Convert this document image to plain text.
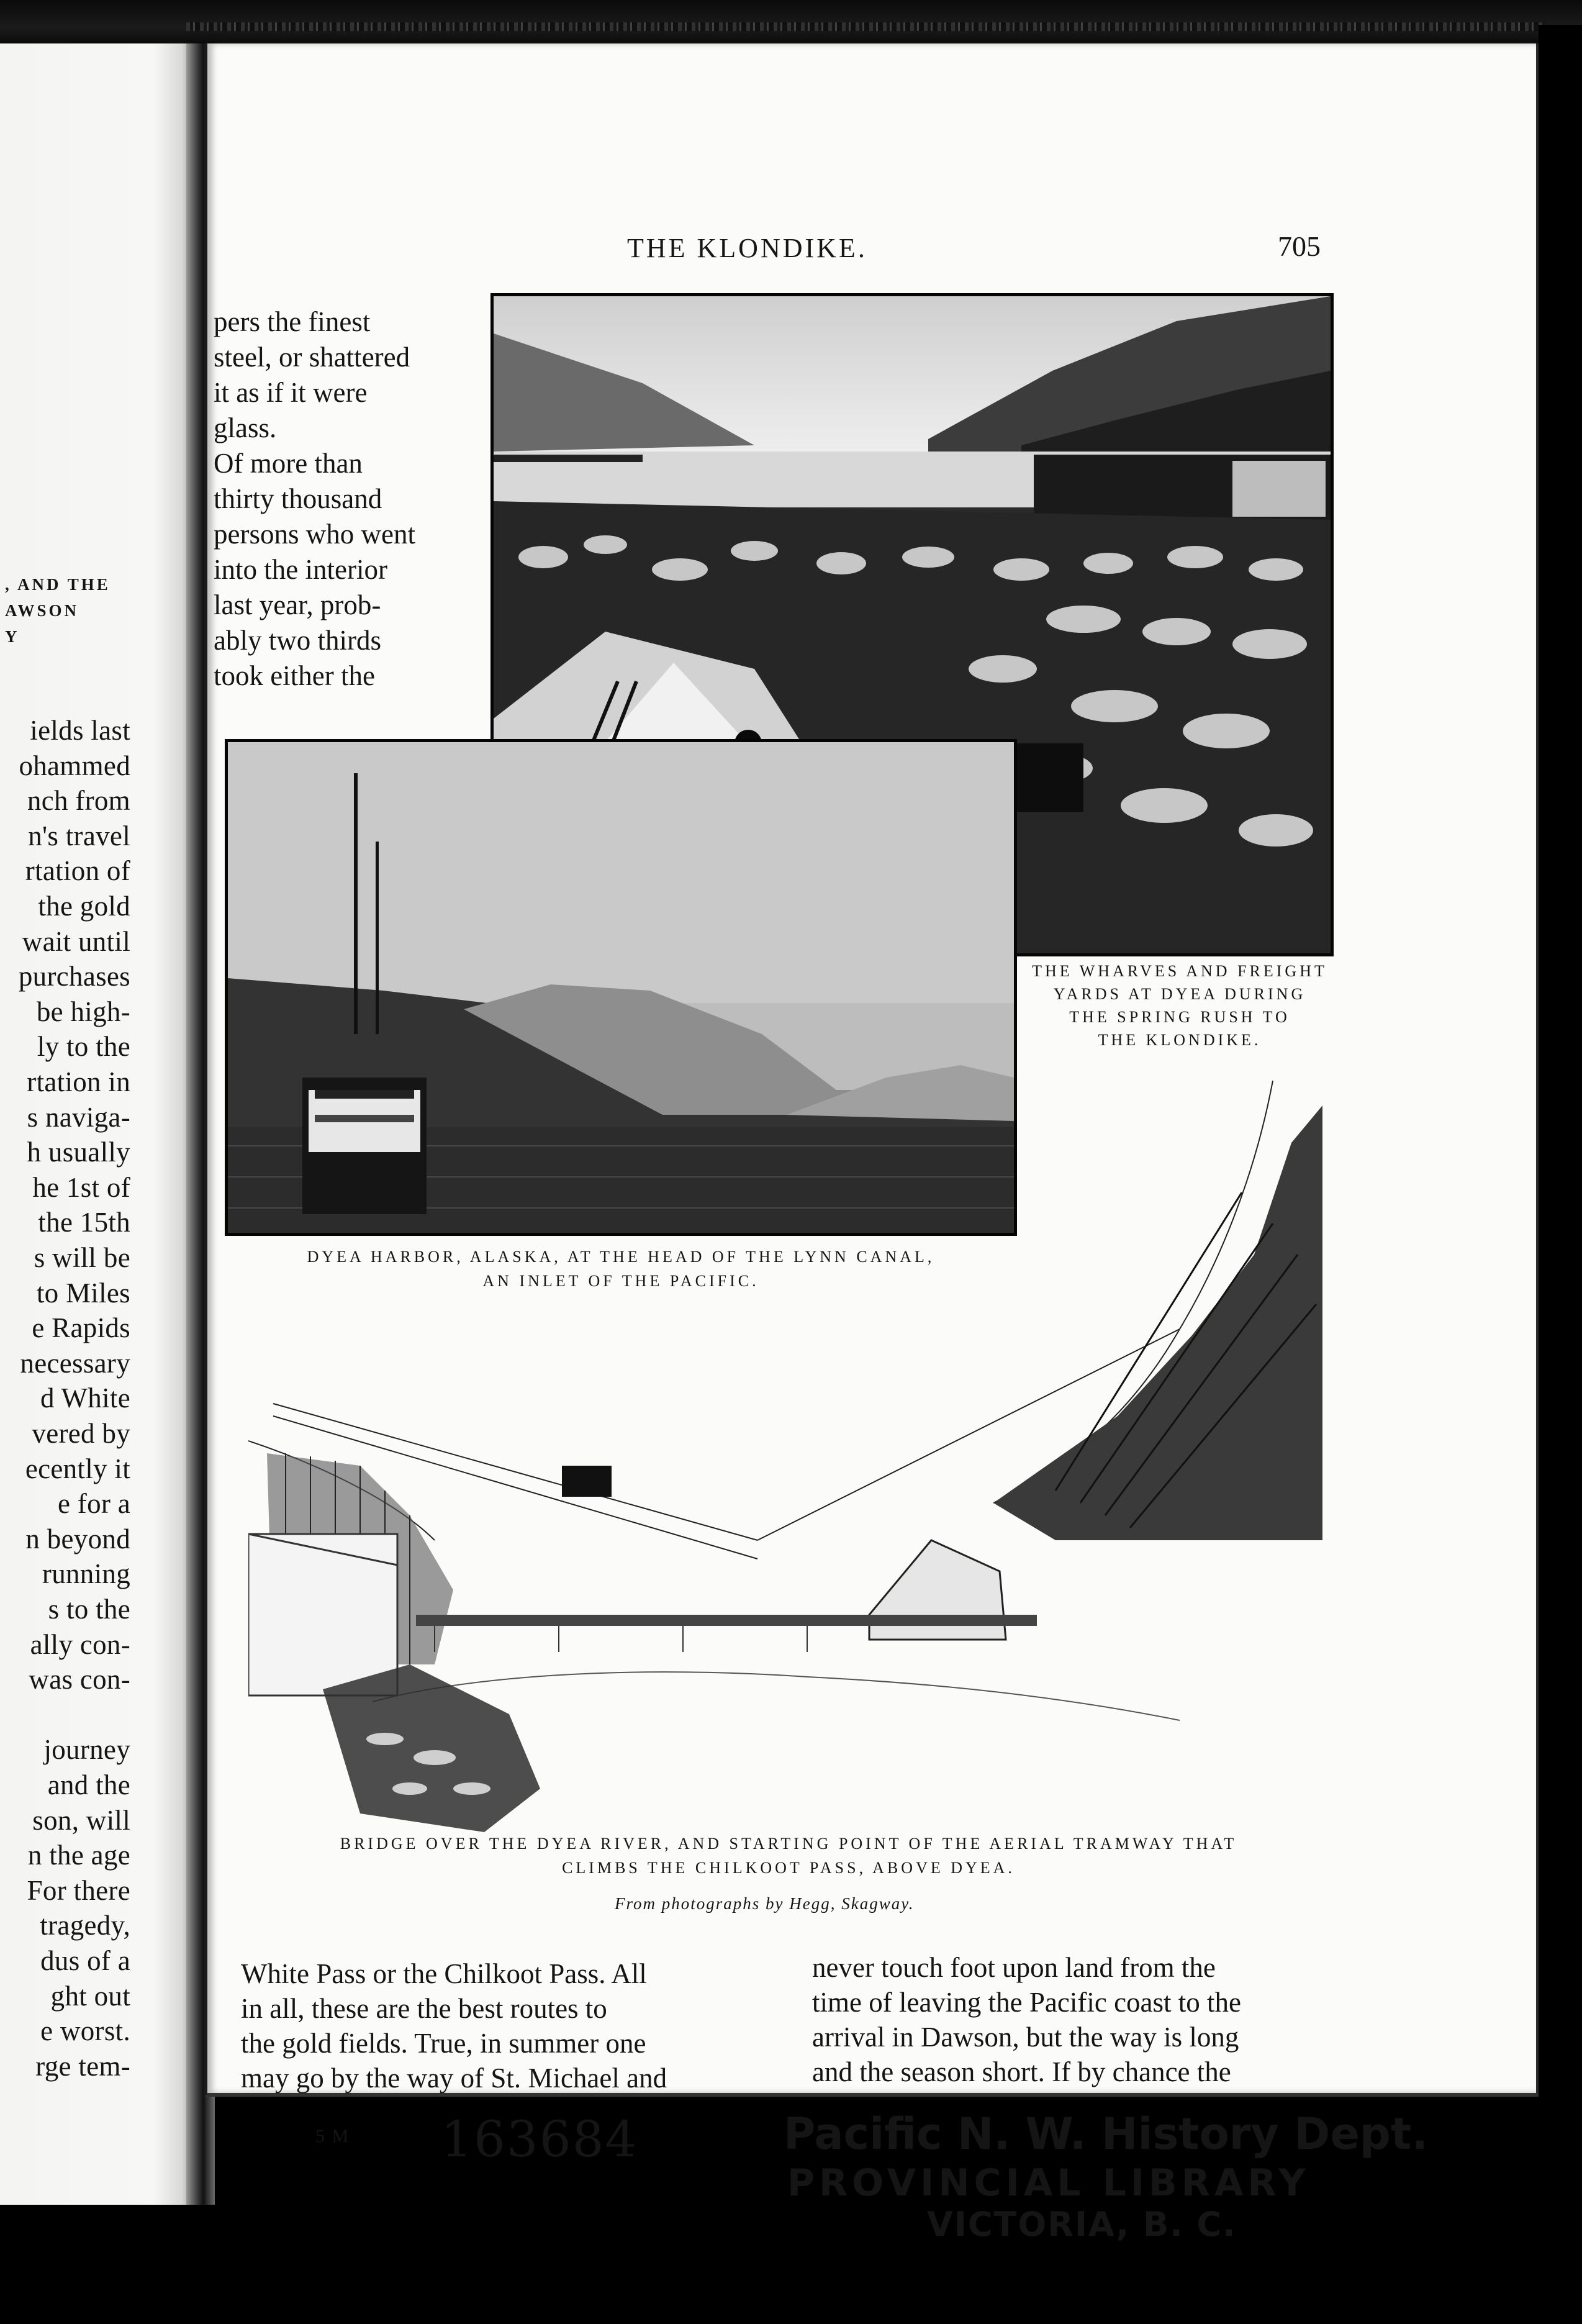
, AND THE
AWSON
Y
ields last
ohammed
nch from
n's travel
rtation of
the gold
wait until
purchases
be high-
ly to the
rtation in
s naviga-
h usually
he 1st of
the 15th
s will be
to Miles
e Rapids
necessary
d White
vered by
ecently it
e for a
n beyond
running
s to the
ally con-
was con-
journey
and the
son, will
n the age
For there
tragedy,
dus of a
ght out
e worst.
rge tem-
THE KLONDIKE.	705
pers the finest
steel, or shattered
it as if it were
glass.
Of more than
thirty thousand
persons who went
into the interior
last year, prob-
ably two thirds
took either the
THE WHARVES AND FREIGHT
YARDS AT DYEA DURING
THE SPRING RUSH TO
THE KLONDIKE.
DYEA HARBOR, ALASKA, AT THE HEAD OF THE LYNN CANAL,
AN INLET OF THE PACIFIC.
BRIDGE OVER THE DYEA RIVER, AND STARTING POINT OF THE AERIAL TRAMWAY THAT
CLIMBS THE CHILKOOT PASS, ABOVE DYEA.
From photographs by Hegg, Skagway.
White Pass or the Chilkoot Pass. All
in all, these are the best routes to
the gold fields. True, in summer one
may go by the way of St. Michael and
never touch foot upon land from the
time of leaving the Pacific coast to the
arrival in Dawson, but the way is long
and the season short. If by chance the
5 M 163684	Pacific N. W. History Dept.
PROVINCIAL LIBRARY
VICTORIA, B. C.
